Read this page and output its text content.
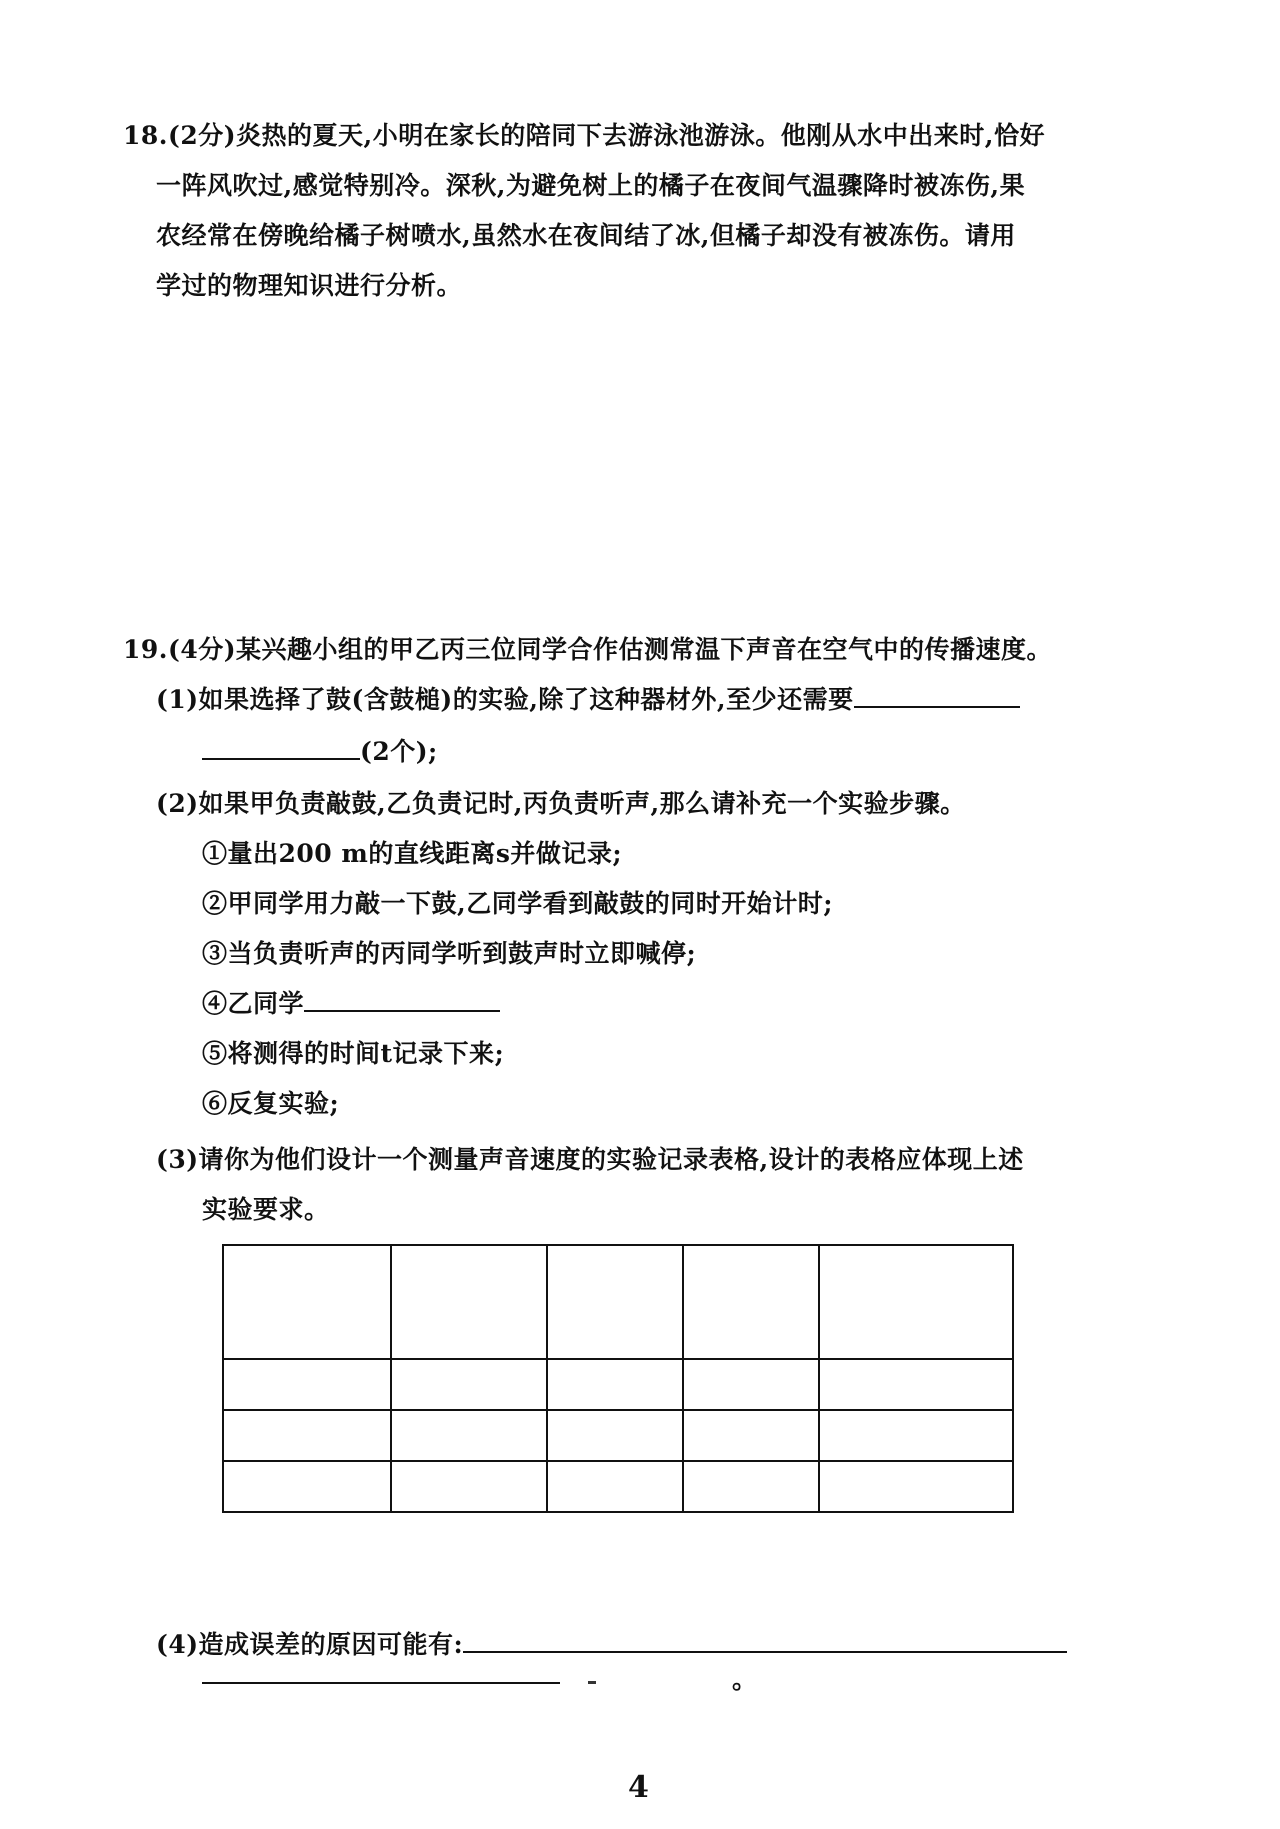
18.(2分)炎热的夏天,小明在家长的陪同下去游泳池游泳。他刚从水中出来时,恰好
一阵风吹过,感觉特别冷。深秋,为避免树上的橘子在夜间气温骤降时被冻伤,果
农经常在傍晚给橘子树喷水,虽然水在夜间结了冰,但橘子却没有被冻伤。请用
学过的物理知识进行分析。
19.(4分)某兴趣小组的甲乙丙三位同学合作估测常温下声音在空气中的传播速度。
(1)如果选择了鼓(含鼓槌)的实验,除了这种器材外,至少还需要
(2个);
(2)如果甲负责敲鼓,乙负责记时,丙负责听声,那么请补充一个实验步骤。
①量出200 m的直线距离s并做记录;
②甲同学用力敲一下鼓,乙同学看到敲鼓的同时开始计时;
③当负责听声的丙同学听到鼓声时立即喊停;
④乙同学
⑤将测得的时间t记录下来;
⑥反复实验;
(3)请你为他们设计一个测量声音速度的实验记录表格,设计的表格应体现上述
实验要求。

(4)造成误差的原因可能有:
。
4
